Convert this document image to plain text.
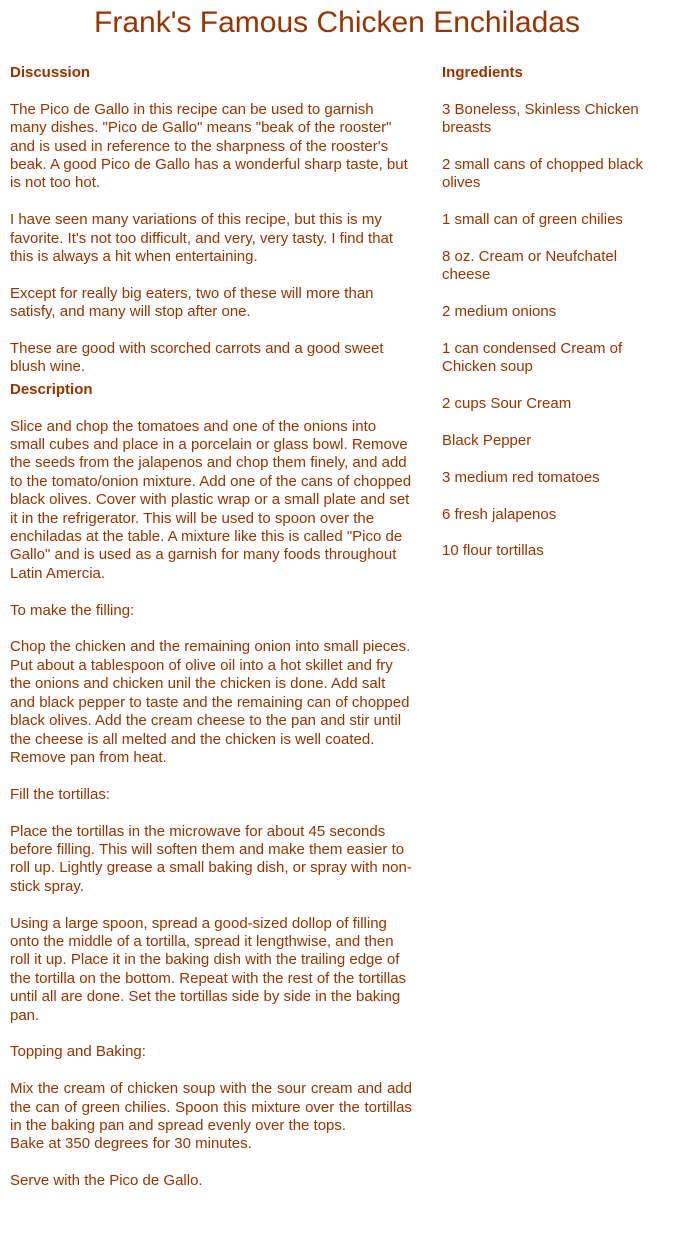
Frank's Famous Chicken Enchiladas
Discussion

The Pico de Gallo in this recipe can be used to garnish many dishes. "Pico de Gallo" means "beak of the rooster" and is used in reference to the sharpness of the rooster's beak. A good Pico de Gallo has a wonderful sharp taste, but is not too hot.

I have seen many variations of this recipe, but this is my favorite. It's not too difficult, and very, very tasty. I find that this is always a hit when entertaining.

Except for really big eaters, two of these will more than satisfy, and many will stop after one.

These are good with scorched carrots and a good sweet blush wine.

Description

Slice and chop the tomatoes and one of the onions into small cubes and place in a porcelain or glass bowl. Remove the seeds from the jalapenos and chop them finely, and add to the tomato/onion mixture. Add one of the cans of chopped black olives. Cover with plastic wrap or a small plate and set it in the refrigerator. This will be used to spoon over the enchiladas at the table. A mixture like this is called "Pico de Gallo" and is used as a garnish for many foods throughout Latin Amercia.

To make the filling:

Chop the chicken and the remaining onion into small pieces. Put about a tablespoon of olive oil into a hot skillet and fry the onions and chicken unil the chicken is done. Add salt and black pepper to taste and the remaining can of chopped black olives. Add the cream cheese to the pan and stir until the cheese is all melted and the chicken is well coated. Remove pan from heat.

Fill the tortillas:

Place the tortillas in the microwave for about 45 seconds before filling. This will soften them and make them easier to roll up. Lightly grease a small baking dish, or spray with non-stick spray.

Using a large spoon, spread a good-sized dollop of filling onto the middle of a tortilla, spread it lengthwise, and then roll it up. Place it in the baking dish with the trailing edge of the tortilla on the bottom. Repeat with the rest of the tortillas until all are done. Set the tortillas side by side in the baking pan.

Topping and Baking:

Mix the cream of chicken soup with the sour cream and add the can of green chilies. Spoon this mixture over the tortillas in the baking pan and spread evenly over the tops.

Bake at 350 degrees for 30 minutes.

Serve with the Pico de Gallo.

Ingredients

3 Boneless, Skinless Chicken breasts

2 small cans of chopped black olives

1 small can of green chilies

8 oz. Cream or Neufchatel cheese

2 medium onions

1 can condensed Cream of Chicken soup

2 cups Sour Cream

Black Pepper

3 medium red tomatoes

6 fresh jalapenos

10 flour tortillas
